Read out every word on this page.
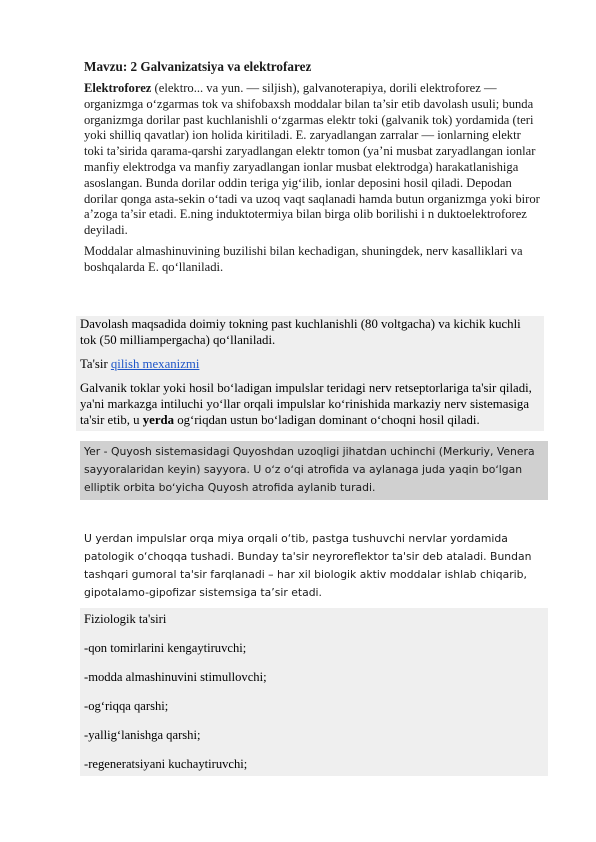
Mavzu: 2 Galvanizatsiya va elektrofarez

Elektroforez (elektro... va yun. — siljish), galvanoterapiya, dorili elektroforez — organizmga o‘zgarmas tok va shifobaxsh moddalar bilan ta’sir etib davolash usuli; bunda organizmga dorilar past kuchlanishli o‘zgarmas elektr toki (galvanik tok) yordamida (teri yoki shilliq qavatlar) ion holida kiritiladi. E. zaryadlangan zarralar — ionlarning elektr toki ta’sirida qarama-qarshi zaryadlangan elektr tomon (ya’ni musbat zaryadlangan ionlar manfiy elektrodga va manfiy zaryadlangan ionlar musbat elektrodga) harakatlanishiga asoslangan. Bunda dorilar oddin teriga yig‘ilib, ionlar deposini hosil qiladi. Depodan dorilar qonga asta-sekin o‘tadi va uzoq vaqt saqlanadi hamda butun organizmga yoki biror a’zoga ta’sir etadi. E.ning induktotermiya bilan birga olib borilishi i n duktoelektroforez deyiladi.

Moddalar almashinuvining buzilishi bilan kechadigan, shuningdek, nerv kasalliklari va boshqalarda E. qo‘llaniladi.

Davolash maqsadida doimiy tokning past kuchlanishli (80 voltgacha) va kichik kuchli tok (50 milliampergacha) qo‘llaniladi.

Ta'sir qilish mexanizmi

Galvanik toklar yoki hosil bo‘ladigan impulslar teridagi nerv retseptorlariga ta'sir qiladi, ya'ni markazga intiluchi yo‘llar orqali impulslar ko‘rinishida markaziy nerv sistemasiga ta'sir etib, u yerda og‘riqdan ustun bo‘ladigan dominant o‘choqni hosil qiladi.

Yer - Quyosh sistemasidagi Quyoshdan uzoqligi jihatdan uchinchi (Merkuriy, Venera sayyoralaridan keyin) sayyora. U oʻz oʻqi atrofida va aylanaga juda yaqin boʻlgan elliptik orbita boʻyicha Quyosh atrofida aylanib turadi.

U yerdan impulslar orqa miya orqali o‘tib, pastga tushuvchi nervlar yordamida patologik o‘choqqa tushadi. Bunday ta'sir neyroreflektor ta'sir deb ataladi. Bundan tashqari gumoral ta'sir farqlanadi – har xil biologik aktiv moddalar ishlab chiqarib, gipotalamo-gipofizar sistemsiga ta’sir etadi.

Fiziologik ta'siri

-qon tomirlarini kengaytiruvchi;

-modda almashinuvini stimullovchi;

-og‘riqqa qarshi;

-yallig‘lanishga qarshi;

-regeneratsiyani kuchaytiruvchi;
